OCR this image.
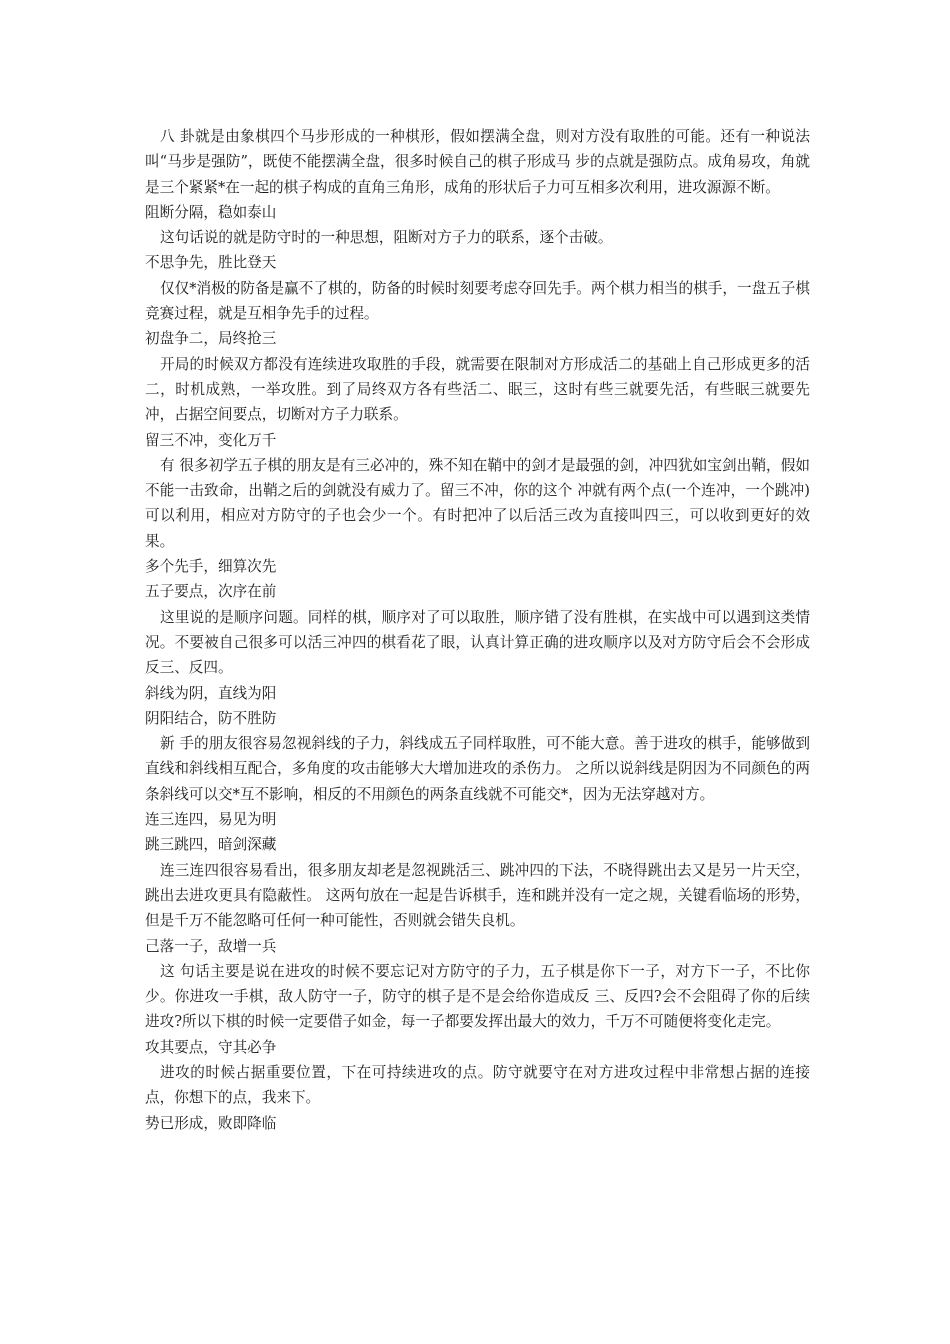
八 卦就是由象棋四个马步形成的一种棋形，假如摆满全盘，则对方没有取胜的可能。还有一种说法叫“马步是强防”，既使不能摆满全盘，很多时候自己的棋子形成马 步的点就是强防点。成角易攻，角就是三个紧紧*在一起的棋子构成的直角三角形，成角的形状后子力可互相多次利用，进攻源源不断。

阻断分隔，稳如泰山

这句话说的就是防守时的一种思想，阻断对方子力的联系，逐个击破。

不思争先，胜比登天

仅仅*消极的防备是赢不了棋的，防备的时候时刻要考虑夺回先手。两个棋力相当的棋手，一盘五子棋竞赛过程，就是互相争先手的过程。

初盘争二，局终抢三

开局的时候双方都没有连续进攻取胜的手段，就需要在限制对方形成活二的基础上自己形成更多的活二，时机成熟，一举攻胜。到了局终双方各有些活二、眠三，这时有些三就要先活，有些眠三就要先冲，占据空间要点，切断对方子力联系。

留三不冲，变化万千

有 很多初学五子棋的朋友是有三必冲的，殊不知在鞘中的剑才是最强的剑，冲四犹如宝剑出鞘，假如不能一击致命，出鞘之后的剑就没有威力了。留三不冲，你的这个 冲就有两个点(一个连冲，一个跳冲)可以利用，相应对方防守的子也会少一个。有时把冲了以后活三改为直接叫四三，可以收到更好的效果。

多个先手，细算次先

五子要点，次序在前

这里说的是顺序问题。同样的棋，顺序对了可以取胜，顺序错了没有胜棋，在实战中可以遇到这类情况。不要被自己很多可以活三冲四的棋看花了眼，认真计算正确的进攻顺序以及对方防守后会不会形成反三、反四。

斜线为阴，直线为阳

阴阳结合，防不胜防

新 手的朋友很容易忽视斜线的子力，斜线成五子同样取胜，可不能大意。善于进攻的棋手，能够做到直线和斜线相互配合，多角度的攻击能够大大增加进攻的杀伤力。 之所以说斜线是阴因为不同颜色的两条斜线可以交*互不影响，相反的不用颜色的两条直线就不可能交*，因为无法穿越对方。

连三连四，易见为明

跳三跳四，暗剑深藏

连三连四很容易看出，很多朋友却老是忽视跳活三、跳冲四的下法，不晓得跳出去又是另一片天空，跳出去进攻更具有隐蔽性。 这两句放在一起是告诉棋手，连和跳并没有一定之规，关键看临场的形势，但是千万不能忽略可任何一种可能性，否则就会错失良机。

己落一子，敌增一兵

这 句话主要是说在进攻的时候不要忘记对方防守的子力，五子棋是你下一子，对方下一子，不比你少。你进攻一手棋，敌人防守一子，防守的棋子是不是会给你造成反 三、反四?会不会阻碍了你的后续进攻?所以下棋的时候一定要借子如金，每一子都要发挥出最大的效力，千万不可随便将变化走完。

攻其要点，守其必争

进攻的时候占据重要位置，下在可持续进攻的点。防守就要守在对方进攻过程中非常想占据的连接点，你想下的点，我来下。

势已形成，败即降临
